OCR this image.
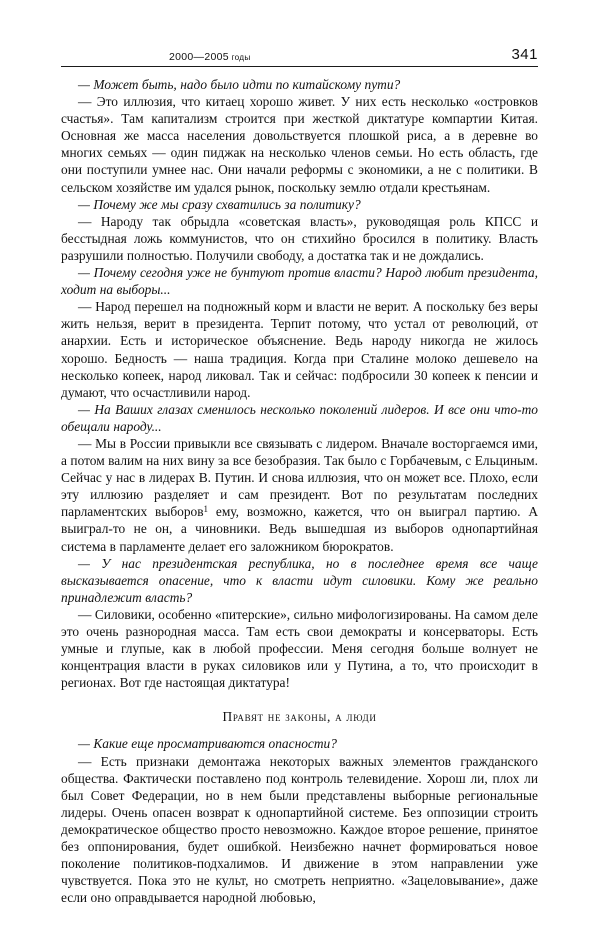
2000—2005 годы	341

— Может быть, надо было идти по китайскому пути?

— Это иллюзия, что китаец хорошо живет. У них есть несколько «островков счастья». Там капитализм строится при жесткой диктатуре компартии Китая. Основная же масса населения довольствуется плошкой риса, а в деревне во многих семьях — один пиджак на несколько членов семьи. Но есть область, где они поступили умнее нас. Они начали реформы с экономики, а не с политики. В сельском хозяйстве им удался рынок, поскольку землю отдали крестьянам.

— Почему же мы сразу схватились за политику?

— Народу так обрыдла «советская власть», руководящая роль КПСС и бесстыдная ложь коммунистов, что он стихийно бросился в политику. Власть разрушили полностью. Получили свободу, а достатка так и не дождались.

— Почему сегодня уже не бунтуют против власти? Народ любит президента, ходит на выборы...

— Народ перешел на подножный корм и власти не верит. А поскольку без веры жить нельзя, верит в президента. Терпит потому, что устал от революций, от анархии. Есть и историческое объяснение. Ведь народу никогда не жилось хорошо. Бедность — наша традиция. Когда при Сталине молоко дешевело на несколько копеек, народ ликовал. Так и сейчас: подбросили 30 копеек к пенсии и думают, что осчастливили народ.

— На Ваших глазах сменилось несколько поколений лидеров. И все они что-то обещали народу...

— Мы в России привыкли все связывать с лидером. Вначале восторгаемся ими, а потом валим на них вину за все безобразия. Так было с Горбачевым, с Ельциным. Сейчас у нас в лидерах В. Путин. И снова иллюзия, что он может все. Плохо, если эту иллюзию разделяет и сам президент. Вот по результатам последних парламентских выборов$^1$ ему, возможно, кажется, что он выиграл партию. А выиграл-то не он, а чиновники. Ведь вышедшая из выборов однопартийная система в парламенте делает его заложником бюрократов.

— У нас президентская республика, но в последнее время все чаще высказывается опасение, что к власти идут силовики. Кому же реально принадлежит власть?

— Силовики, особенно «питерские», сильно мифологизированы. На самом деле это очень разнородная масса. Там есть свои демократы и консерваторы. Есть умные и глупые, как в любой профессии. Меня сегодня больше волнует не концентрация власти в руках силовиков или у Путина, а то, что происходит в регионах. Вот где настоящая диктатура!

Правят не законы, а люди

— Какие еще просматриваются опасности?

— Есть признаки демонтажа некоторых важных элементов гражданского общества. Фактически поставлено под контроль телевидение. Хорош ли, плох ли был Совет Федерации, но в нем были представлены выборные региональные лидеры. Очень опасен возврат к однопартийной системе. Без оппозиции строить демократическое общество просто невозможно. Каждое второе решение, принятое без оппонирования, будет ошибкой. Неизбежно начнет формироваться новое поколение политиков-подхалимов. И движение в этом направлении уже чувствуется. Пока это не культ, но смотреть неприятно. «Зацеловывание», даже если оно оправдывается народной любовью,
